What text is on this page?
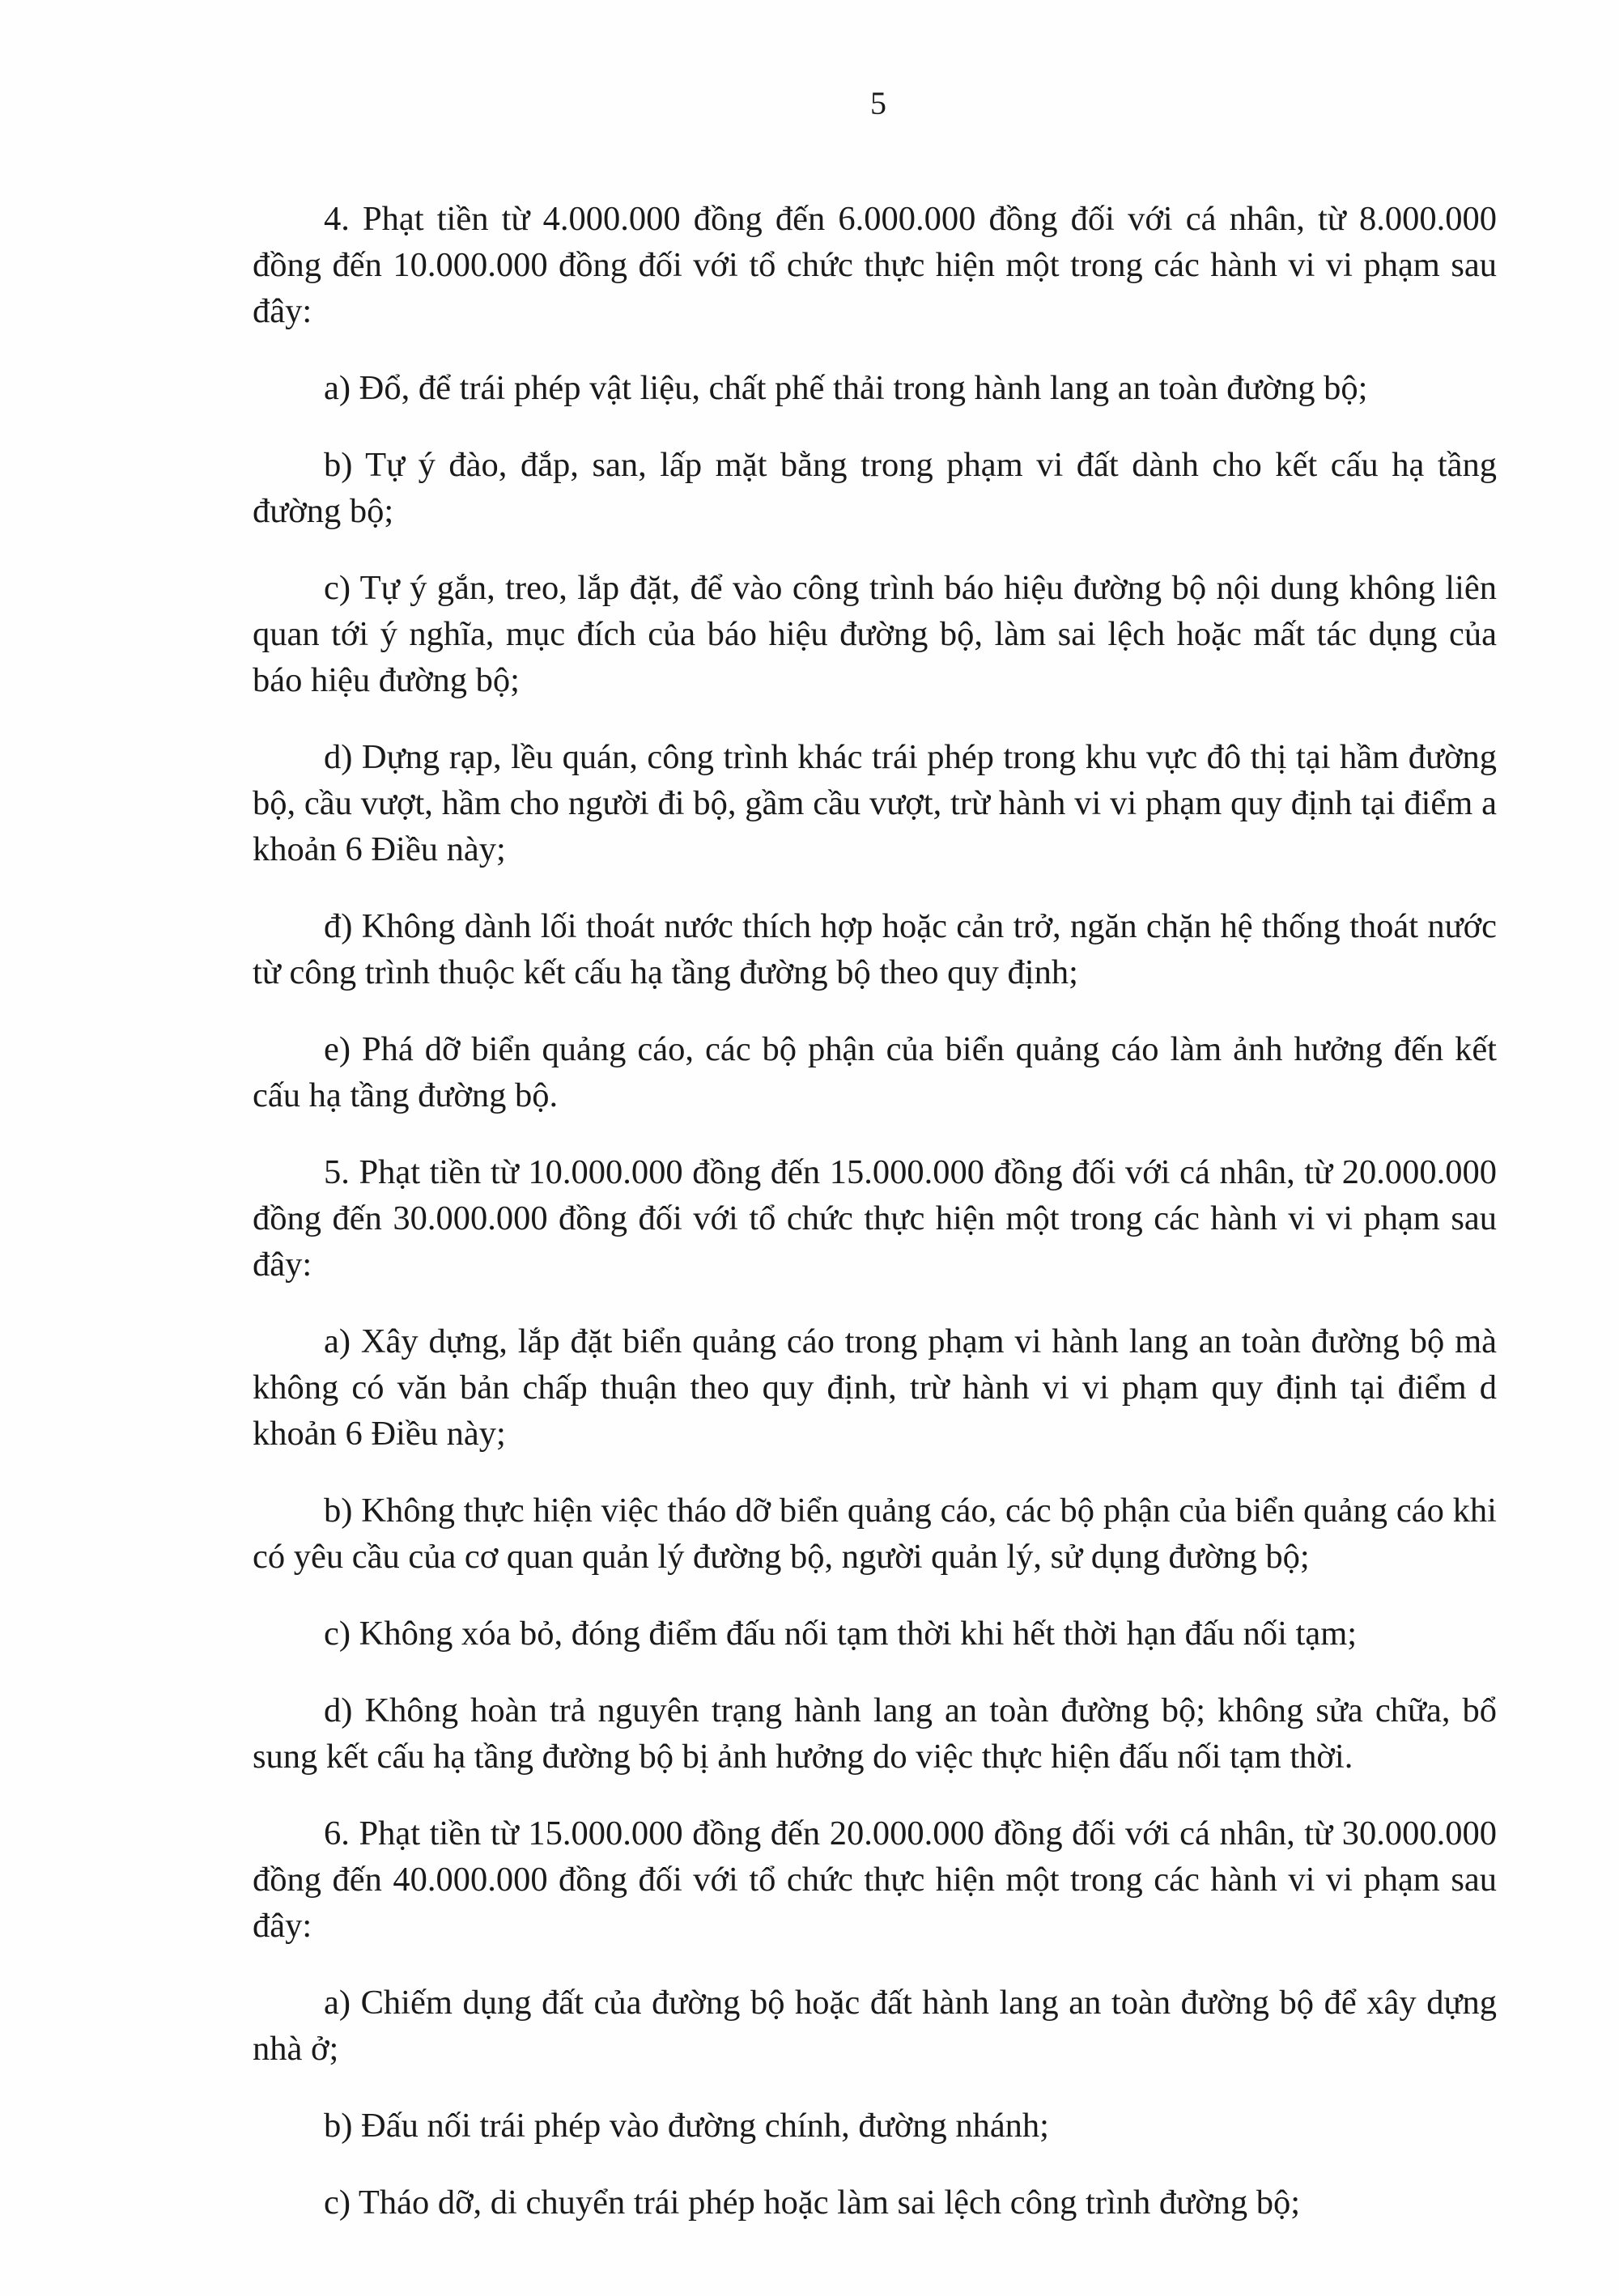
5

4. Phạt tiền từ 4.000.000 đồng đến 6.000.000 đồng đối với cá nhân, từ 8.000.000 đồng đến 10.000.000 đồng đối với tổ chức thực hiện một trong các hành vi vi phạm sau đây:

a) Đổ, để trái phép vật liệu, chất phế thải trong hành lang an toàn đường bộ;

b) Tự ý đào, đắp, san, lấp mặt bằng trong phạm vi đất dành cho kết cấu hạ tầng đường bộ;

c) Tự ý gắn, treo, lắp đặt, để vào công trình báo hiệu đường bộ nội dung không liên quan tới ý nghĩa, mục đích của báo hiệu đường bộ, làm sai lệch hoặc mất tác dụng của báo hiệu đường bộ;

d) Dựng rạp, lều quán, công trình khác trái phép trong khu vực đô thị tại hầm đường bộ, cầu vượt, hầm cho người đi bộ, gầm cầu vượt, trừ hành vi vi phạm quy định tại điểm a khoản 6 Điều này;

đ) Không dành lối thoát nước thích hợp hoặc cản trở, ngăn chặn hệ thống thoát nước từ công trình thuộc kết cấu hạ tầng đường bộ theo quy định;

e) Phá dỡ biển quảng cáo, các bộ phận của biển quảng cáo làm ảnh hưởng đến kết cấu hạ tầng đường bộ.

5. Phạt tiền từ 10.000.000 đồng đến 15.000.000 đồng đối với cá nhân, từ 20.000.000 đồng đến 30.000.000 đồng đối với tổ chức thực hiện một trong các hành vi vi phạm sau đây:

a) Xây dựng, lắp đặt biển quảng cáo trong phạm vi hành lang an toàn đường bộ mà không có văn bản chấp thuận theo quy định, trừ hành vi vi phạm quy định tại điểm d khoản 6 Điều này;

b) Không thực hiện việc tháo dỡ biển quảng cáo, các bộ phận của biển quảng cáo khi có yêu cầu của cơ quan quản lý đường bộ, người quản lý, sử dụng đường bộ;

c) Không xóa bỏ, đóng điểm đấu nối tạm thời khi hết thời hạn đấu nối tạm;

d) Không hoàn trả nguyên trạng hành lang an toàn đường bộ; không sửa chữa, bổ sung kết cấu hạ tầng đường bộ bị ảnh hưởng do việc thực hiện đấu nối tạm thời.

6. Phạt tiền từ 15.000.000 đồng đến 20.000.000 đồng đối với cá nhân, từ 30.000.000 đồng đến 40.000.000 đồng đối với tổ chức thực hiện một trong các hành vi vi phạm sau đây:

a) Chiếm dụng đất của đường bộ hoặc đất hành lang an toàn đường bộ để xây dựng nhà ở;

b) Đấu nối trái phép vào đường chính, đường nhánh;

c) Tháo dỡ, di chuyển trái phép hoặc làm sai lệch công trình đường bộ;
